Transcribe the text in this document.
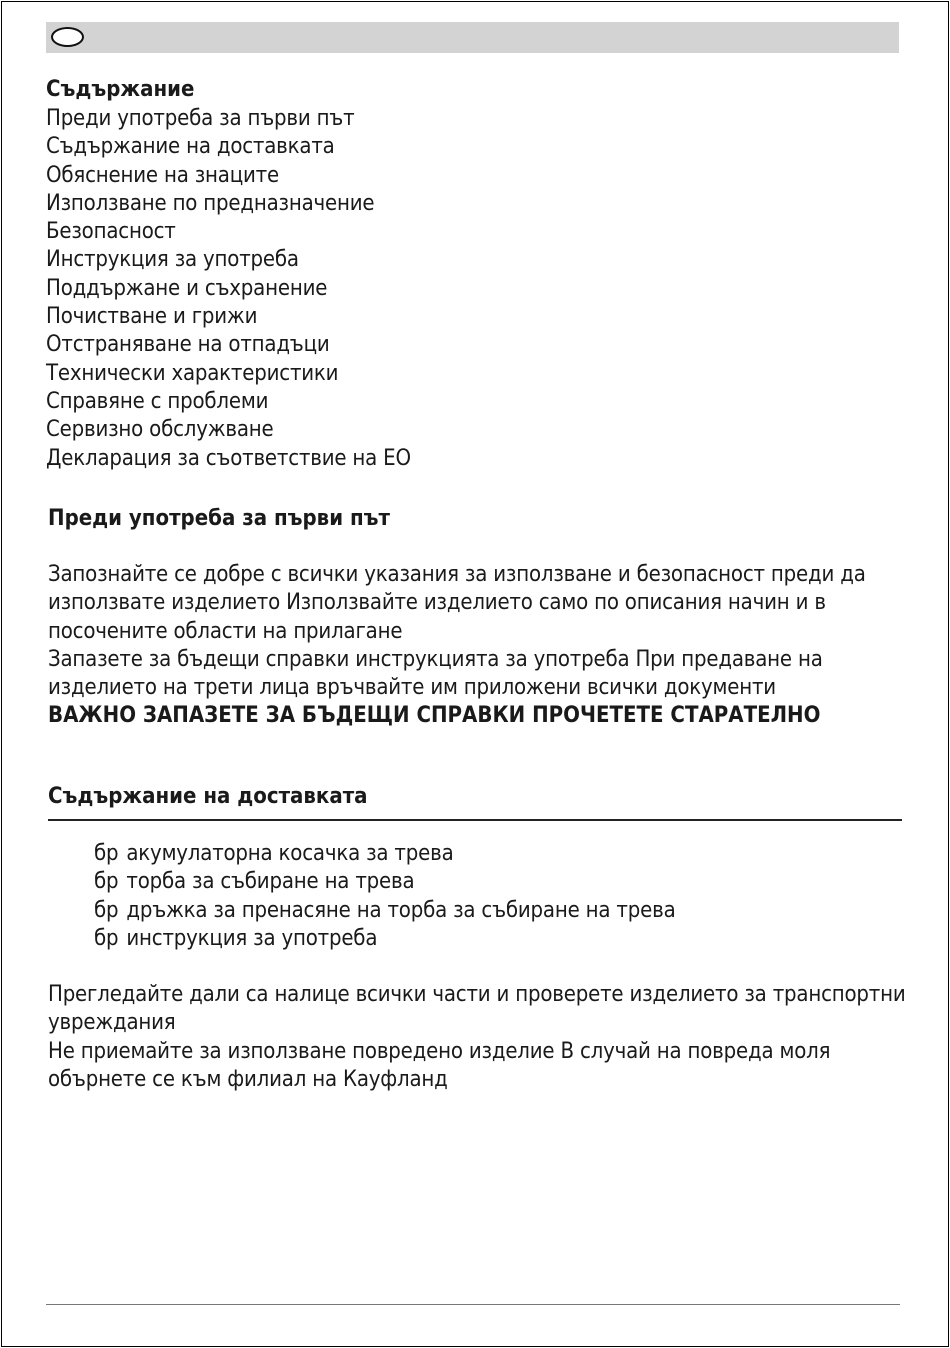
Съдържание
Преди употреба за първи път
Съдържание на доставката
Обяснение на знаците
Използване по предназначение
Безопасност
Инструкция за употреба
Поддържане и съхранение
Почистване и грижи
Отстраняване на отпадъци
Технически характеристики
Справяне с проблеми
Сервизно обслужване
Декларация за съответствие на ЕО
Преди употреба за първи път

Запознайте се добре с всички указания за използване и безопасност преди да
използвате изделието Използвайте изделието само по описания начин и в
посочените области на прилагане

Запазете за бъдещи справки инструкцията за употреба При предаване на
изделието на трети лица връчвайте им приложени всички документи

ВАЖНО ЗАПАЗЕТЕ ЗА БЪДЕЩИ СПРАВКИ ПРОЧЕТЕТЕ СТАРАТЕЛНО

Съдържание на доставката
бр акумулаторна косачка за трева
бр торба за събиране на трева
бр дръжка за пренасяне на торба за събиране на трева
бр инструкция за употреба

Прегледайте дали са налице всички части и проверете изделието за транспортни
увреждания

Не приемайте за използване повредено изделие В случай на повреда моля
обърнете се към филиал на Кауфланд
